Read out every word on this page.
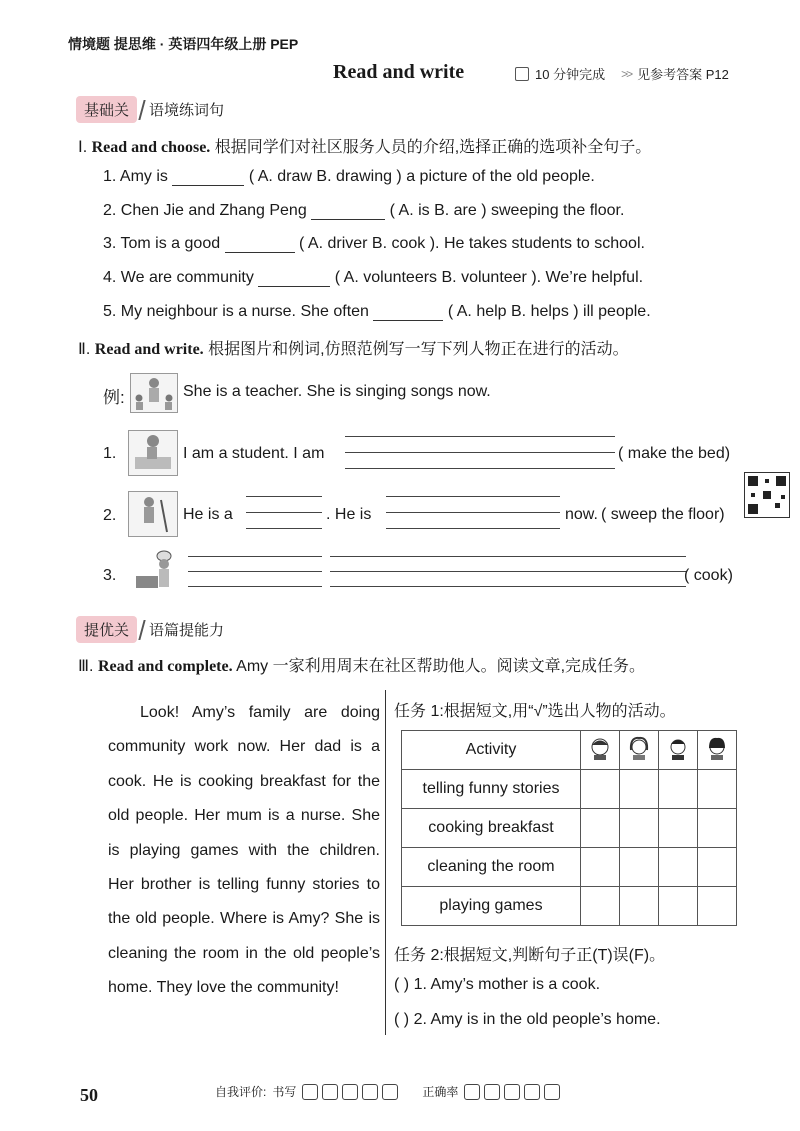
情境题 提思维 · 英语四年级上册 PEP
Read and write	10 分钟完成 >> 见参考答案 P12
基础关	语境练词句
Ⅰ. Read and choose. 根据同学们对社区服务人员的介绍,选择正确的选项补全句子。
1. Amy is	( A. draw B. drawing ) a picture of the old people.
2. Chen Jie and Zhang Peng	( A. is B. are ) sweeping the floor.
3. Tom is a good	( A. driver B. cook ). He takes students to school.
4. We are community	( A. volunteers B. volunteer ). We’re helpful.
5. My neighbour is a nurse. She often	( A. help B. helps ) ill people.
Ⅱ. Read and write. 根据图片和例词,仿照范例写一写下列人物正在进行的活动。
例:	She is a teacher. She is singing songs now.
1.	I am a student. I am	( make the bed)
2.	He is a	. He is	now. ( sweep the floor)
3.	( cook)
提优关	语篇提能力
Ⅲ. Read and complete. Amy 一家利用周末在社区帮助他人。阅读文章,完成任务。

Look! Amy’s family are doing community work now. Her dad is a cook. He is cooking breakfast for the old people. Her mum is a nurse. She is playing games with the children. Her brother is telling funny stories to the old people. Where is Amy? She is cleaning the room in the old people’s home. They love the community!

任务 1:根据短文,用“√”选出人物的活动。
Activity				
telling funny stories				
cooking breakfast				
cleaning the room				
playing games				
任务 2:根据短文,判断句子正(T)误(F)。
( ) 1. Amy’s mother is a cook.
( ) 2. Amy is in the old people’s home.
50	自我评价: 书写	正确率
